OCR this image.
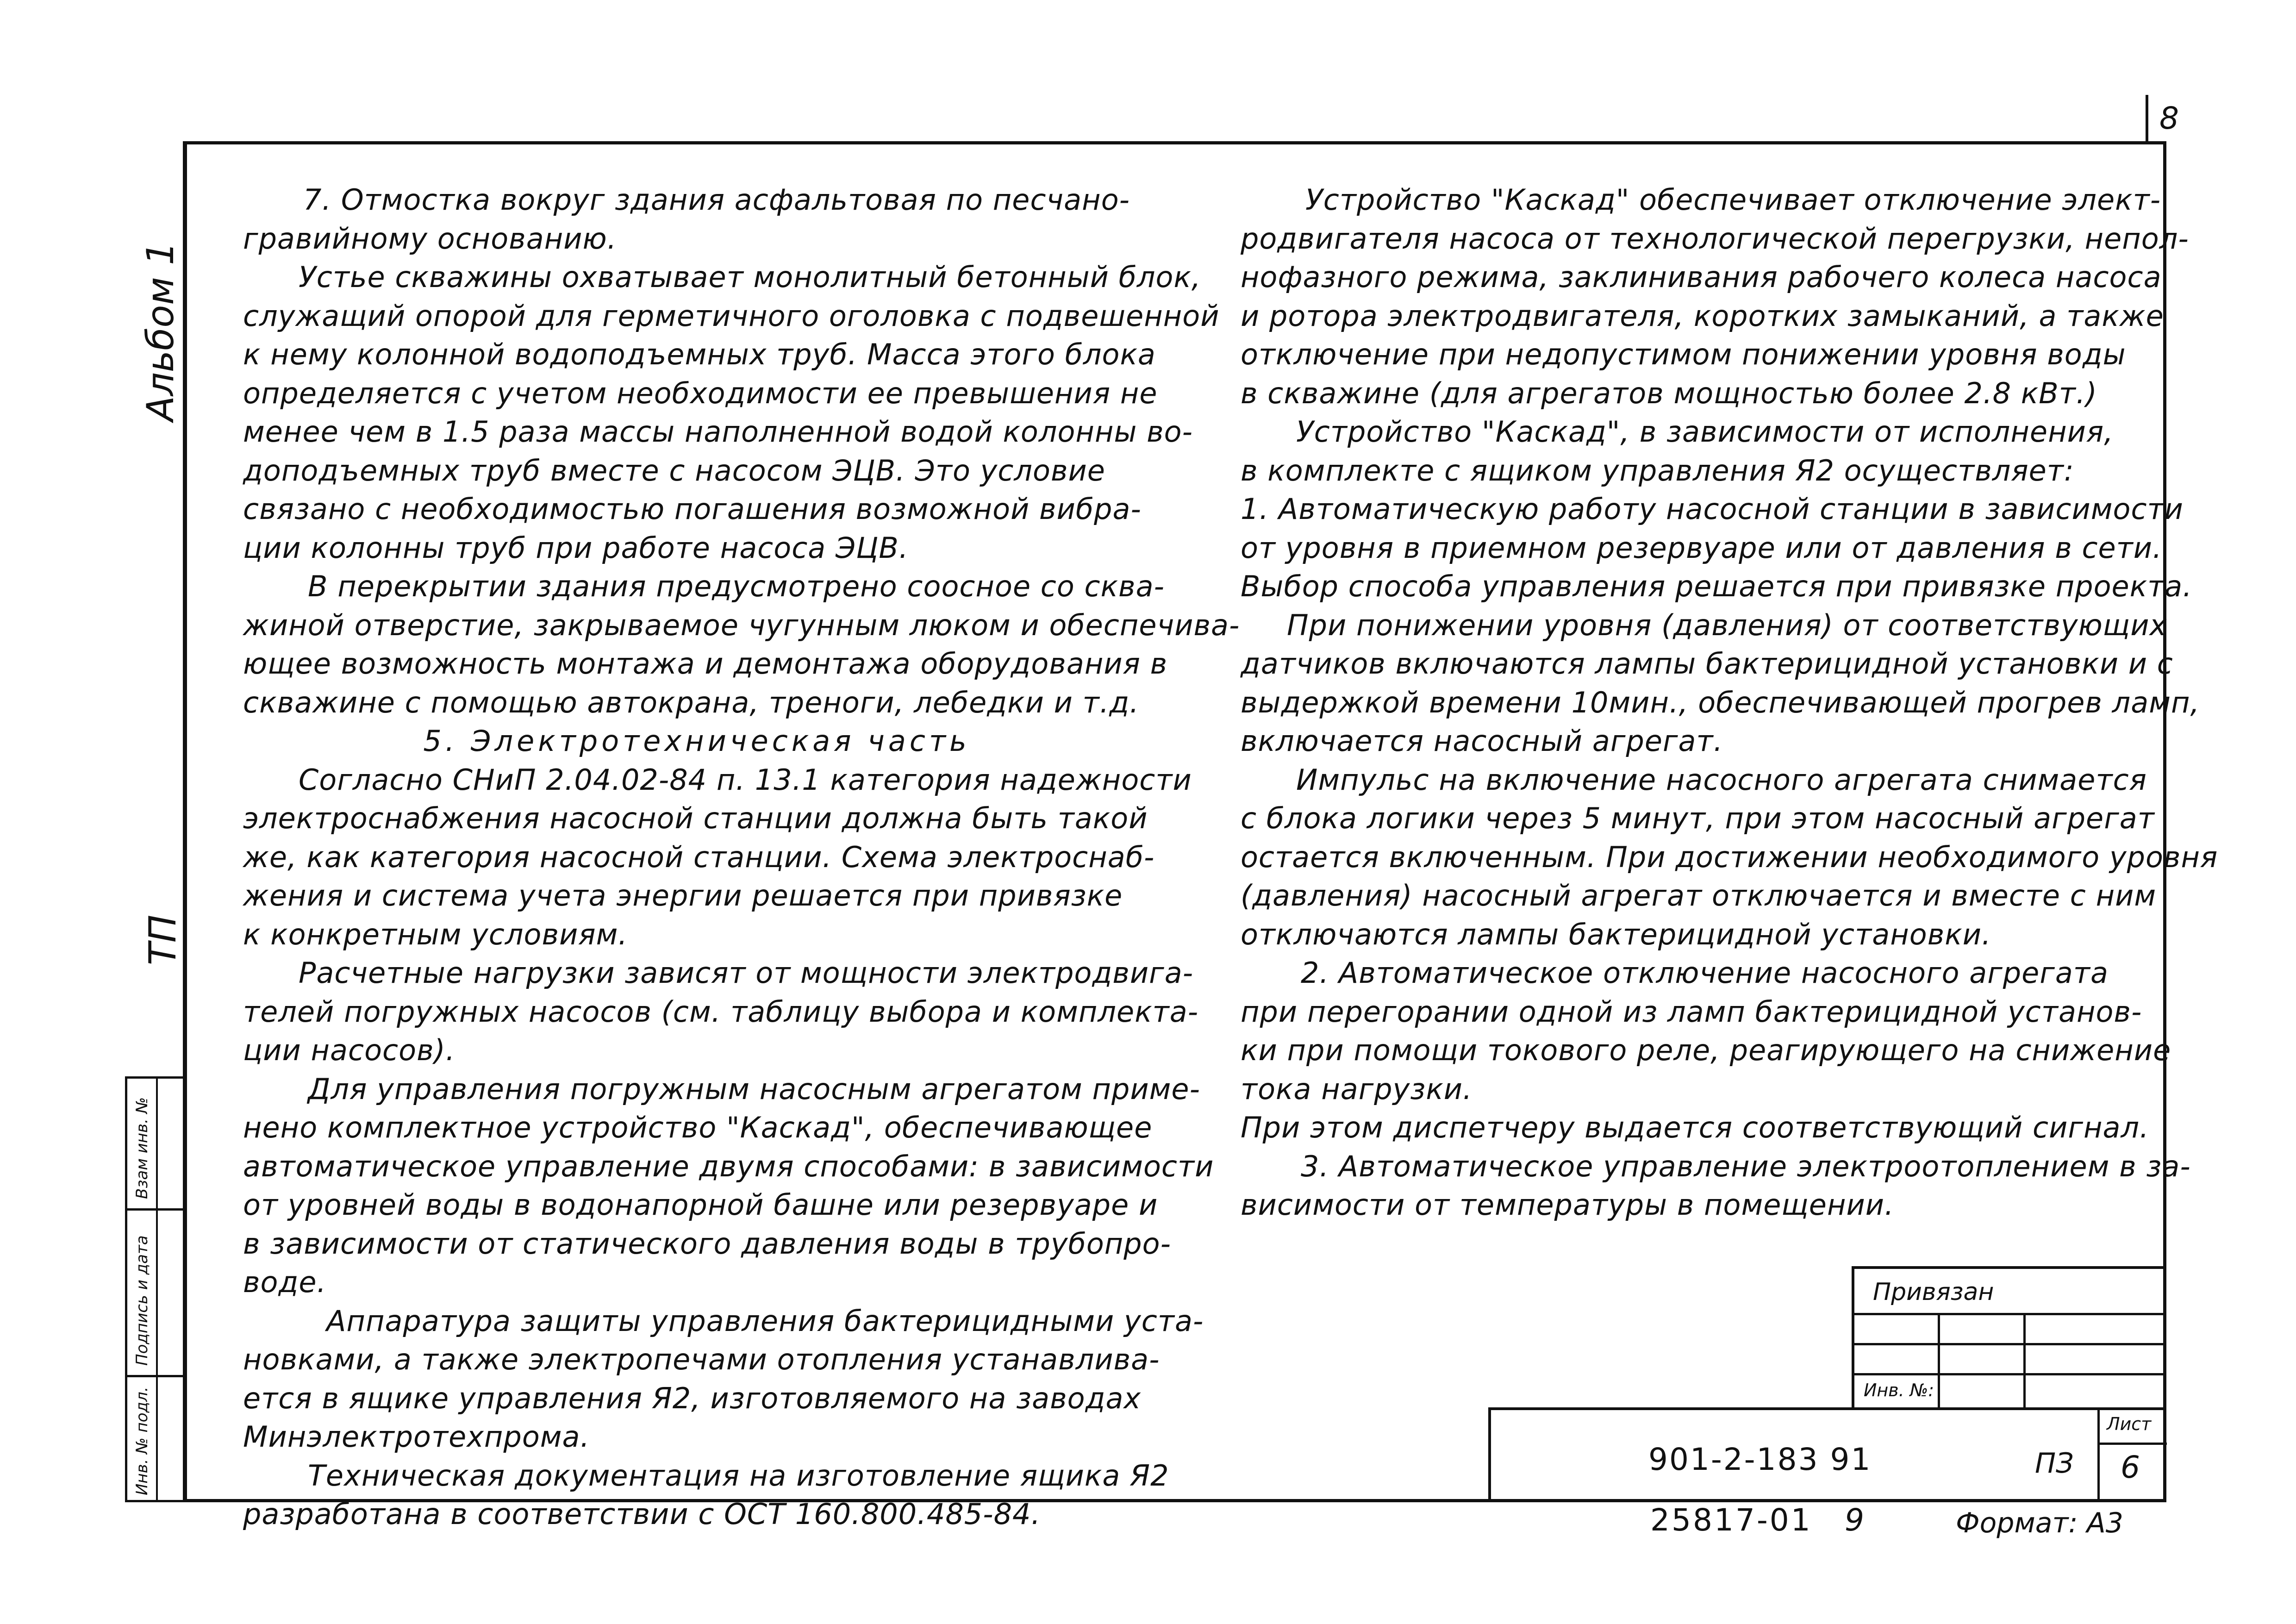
8
Альбом 1
ТП
Инв. № подл.
Подпись и дата
Взам инв. №

7. Отмостка вокруг здания асфальтовая по песчано-

гравийному основанию.

Устье скважины охватывает монолитный бетонный блок,

служащий опорой для герметичного оголовка с подвешенной

к нему колонной водоподъемных труб. Масса этого блока

определяется с учетом необходимости ее превышения не

менее чем в 1.5 раза массы наполненной водой колонны во-

доподъемных труб вместе с насосом ЭЦВ. Это условие

связано с необходимостью погашения возможной вибра-

ции колонны труб при работе насоса ЭЦВ.

В перекрытии здания предусмотрено соосное со сква-

жиной отверстие, закрываемое чугунным люком и обеспечива-

ющее возможность монтажа и демонтажа оборудования в

скважине с помощью автокрана, треноги, лебедки и т.д.

5. Электротехническая часть

Согласно СНиП 2.04.02-84 п. 13.1 категория надежности

электроснабжения насосной станции должна быть такой

же, как категория насосной станции. Схема электроснаб-

жения и система учета энергии решается при привязке

к конкретным условиям.

Расчетные нагрузки зависят от мощности электродвига-

телей погружных насосов (см. таблицу выбора и комплекта-

ции насосов).

Для управления погружным насосным агрегатом приме-

нено комплектное устройство "Каскад", обеспечивающее

автоматическое управление двумя способами: в зависимости

от уровней воды в водонапорной башне или резервуаре и

в зависимости от статического давления воды в трубопро-

воде.

Аппаратура защиты управления бактерицидными уста-

новками, а также электропечами отопления устанавлива-

ется в ящике управления Я2, изготовляемого на заводах

Минэлектротехпрома.

Техническая документация на изготовление ящика Я2

разработана в соответствии с ОСТ 160.800.485-84.

Устройство "Каскад" обеспечивает отключение элект-

родвигателя насоса от технологической перегрузки, непол-

нофазного режима, заклинивания рабочего колеса насоса

и ротора электродвигателя, коротких замыканий, а также

отключение при недопустимом понижении уровня воды

в скважине (для агрегатов мощностью более 2.8 кВт.)

Устройство "Каскад", в зависимости от исполнения,

в комплекте с ящиком управления Я2 осуществляет:

1. Автоматическую работу насосной станции в зависимости

от уровня в приемном резервуаре или от давления в сети.

Выбор способа управления решается при привязке проекта.

При понижении уровня (давления) от соответствующих

датчиков включаются лампы бактерицидной установки и с

выдержкой времени 10мин., обеспечивающей прогрев ламп,

включается насосный агрегат.

Импульс на включение насосного агрегата снимается

с блока логики через 5 минут, при этом насосный агрегат

остается включенным. При достижении необходимого уровня

(давления) насосный агрегат отключается и вместе с ним

отключаются лампы бактерицидной установки.

2. Автоматическое отключение насосного агрегата

при перегорании одной из ламп бактерицидной установ-

ки при помощи токового реле, реагирующего на снижение

тока нагрузки.

При этом диспетчеру выдается соответствующий сигнал.

3. Автоматическое управление электроотоплением в за-

висимости от температуры в помещении.

Привязан
Инв. №:
901-2-183 91	ПЗ
Лист
6
25817-01 9	Формат: А3
